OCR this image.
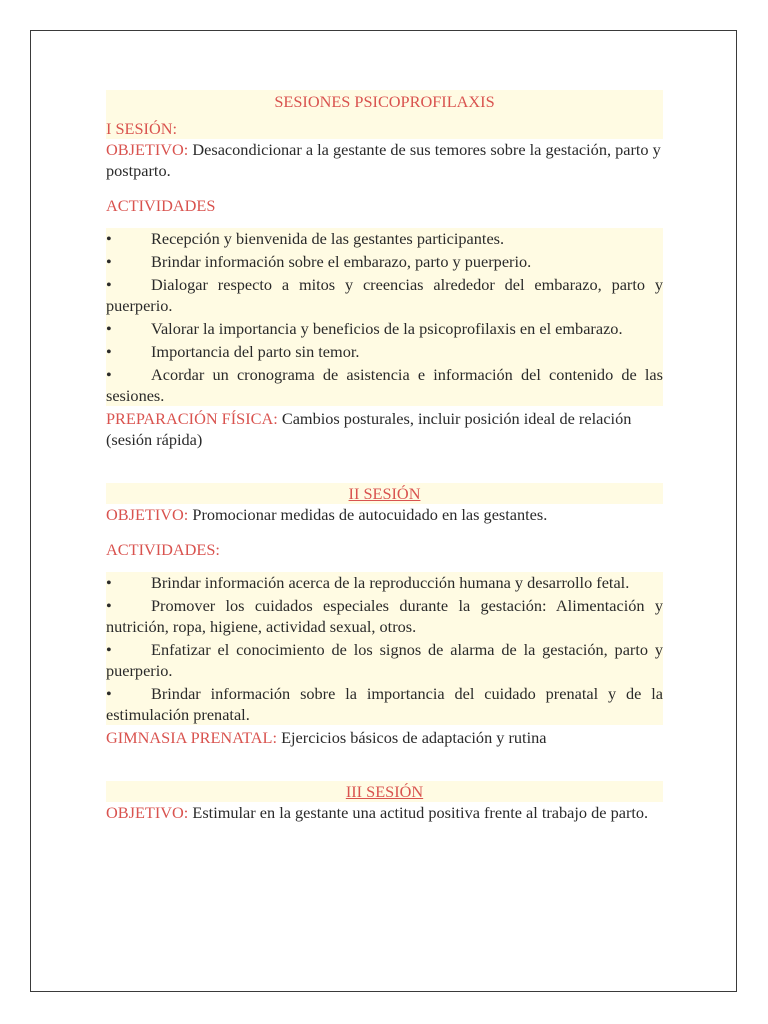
SESIONES PSICOPROFILAXIS
I SESIÓN:
OBJETIVO: Desacondicionar a la gestante de sus temores sobre la gestación, parto y postparto.
ACTIVIDADES
• Recepción y bienvenida de las gestantes participantes.
• Brindar información sobre el embarazo, parto y puerperio.
• Dialogar respecto a mitos y creencias alrededor del embarazo, parto y puerperio.
• Valorar la importancia y beneficios de la psicoprofilaxis en el embarazo.
• Importancia del parto sin temor.
• Acordar un cronograma de asistencia e información del contenido de las sesiones.
PREPARACIÓN FÍSICA: Cambios posturales, incluir posición ideal de relación (sesión rápida)
II SESIÓN
OBJETIVO: Promocionar medidas de autocuidado en las gestantes.
ACTIVIDADES:
• Brindar información acerca de la reproducción humana y desarrollo fetal.
• Promover los cuidados especiales durante la gestación: Alimentación y nutrición, ropa, higiene, actividad sexual, otros.
• Enfatizar el conocimiento de los signos de alarma de la gestación, parto y puerperio.
• Brindar información sobre la importancia del cuidado prenatal y de la estimulación prenatal.
GIMNASIA PRENATAL: Ejercicios básicos de adaptación y rutina
III SESIÓN
OBJETIVO: Estimular en la gestante una actitud positiva frente al trabajo de parto.
